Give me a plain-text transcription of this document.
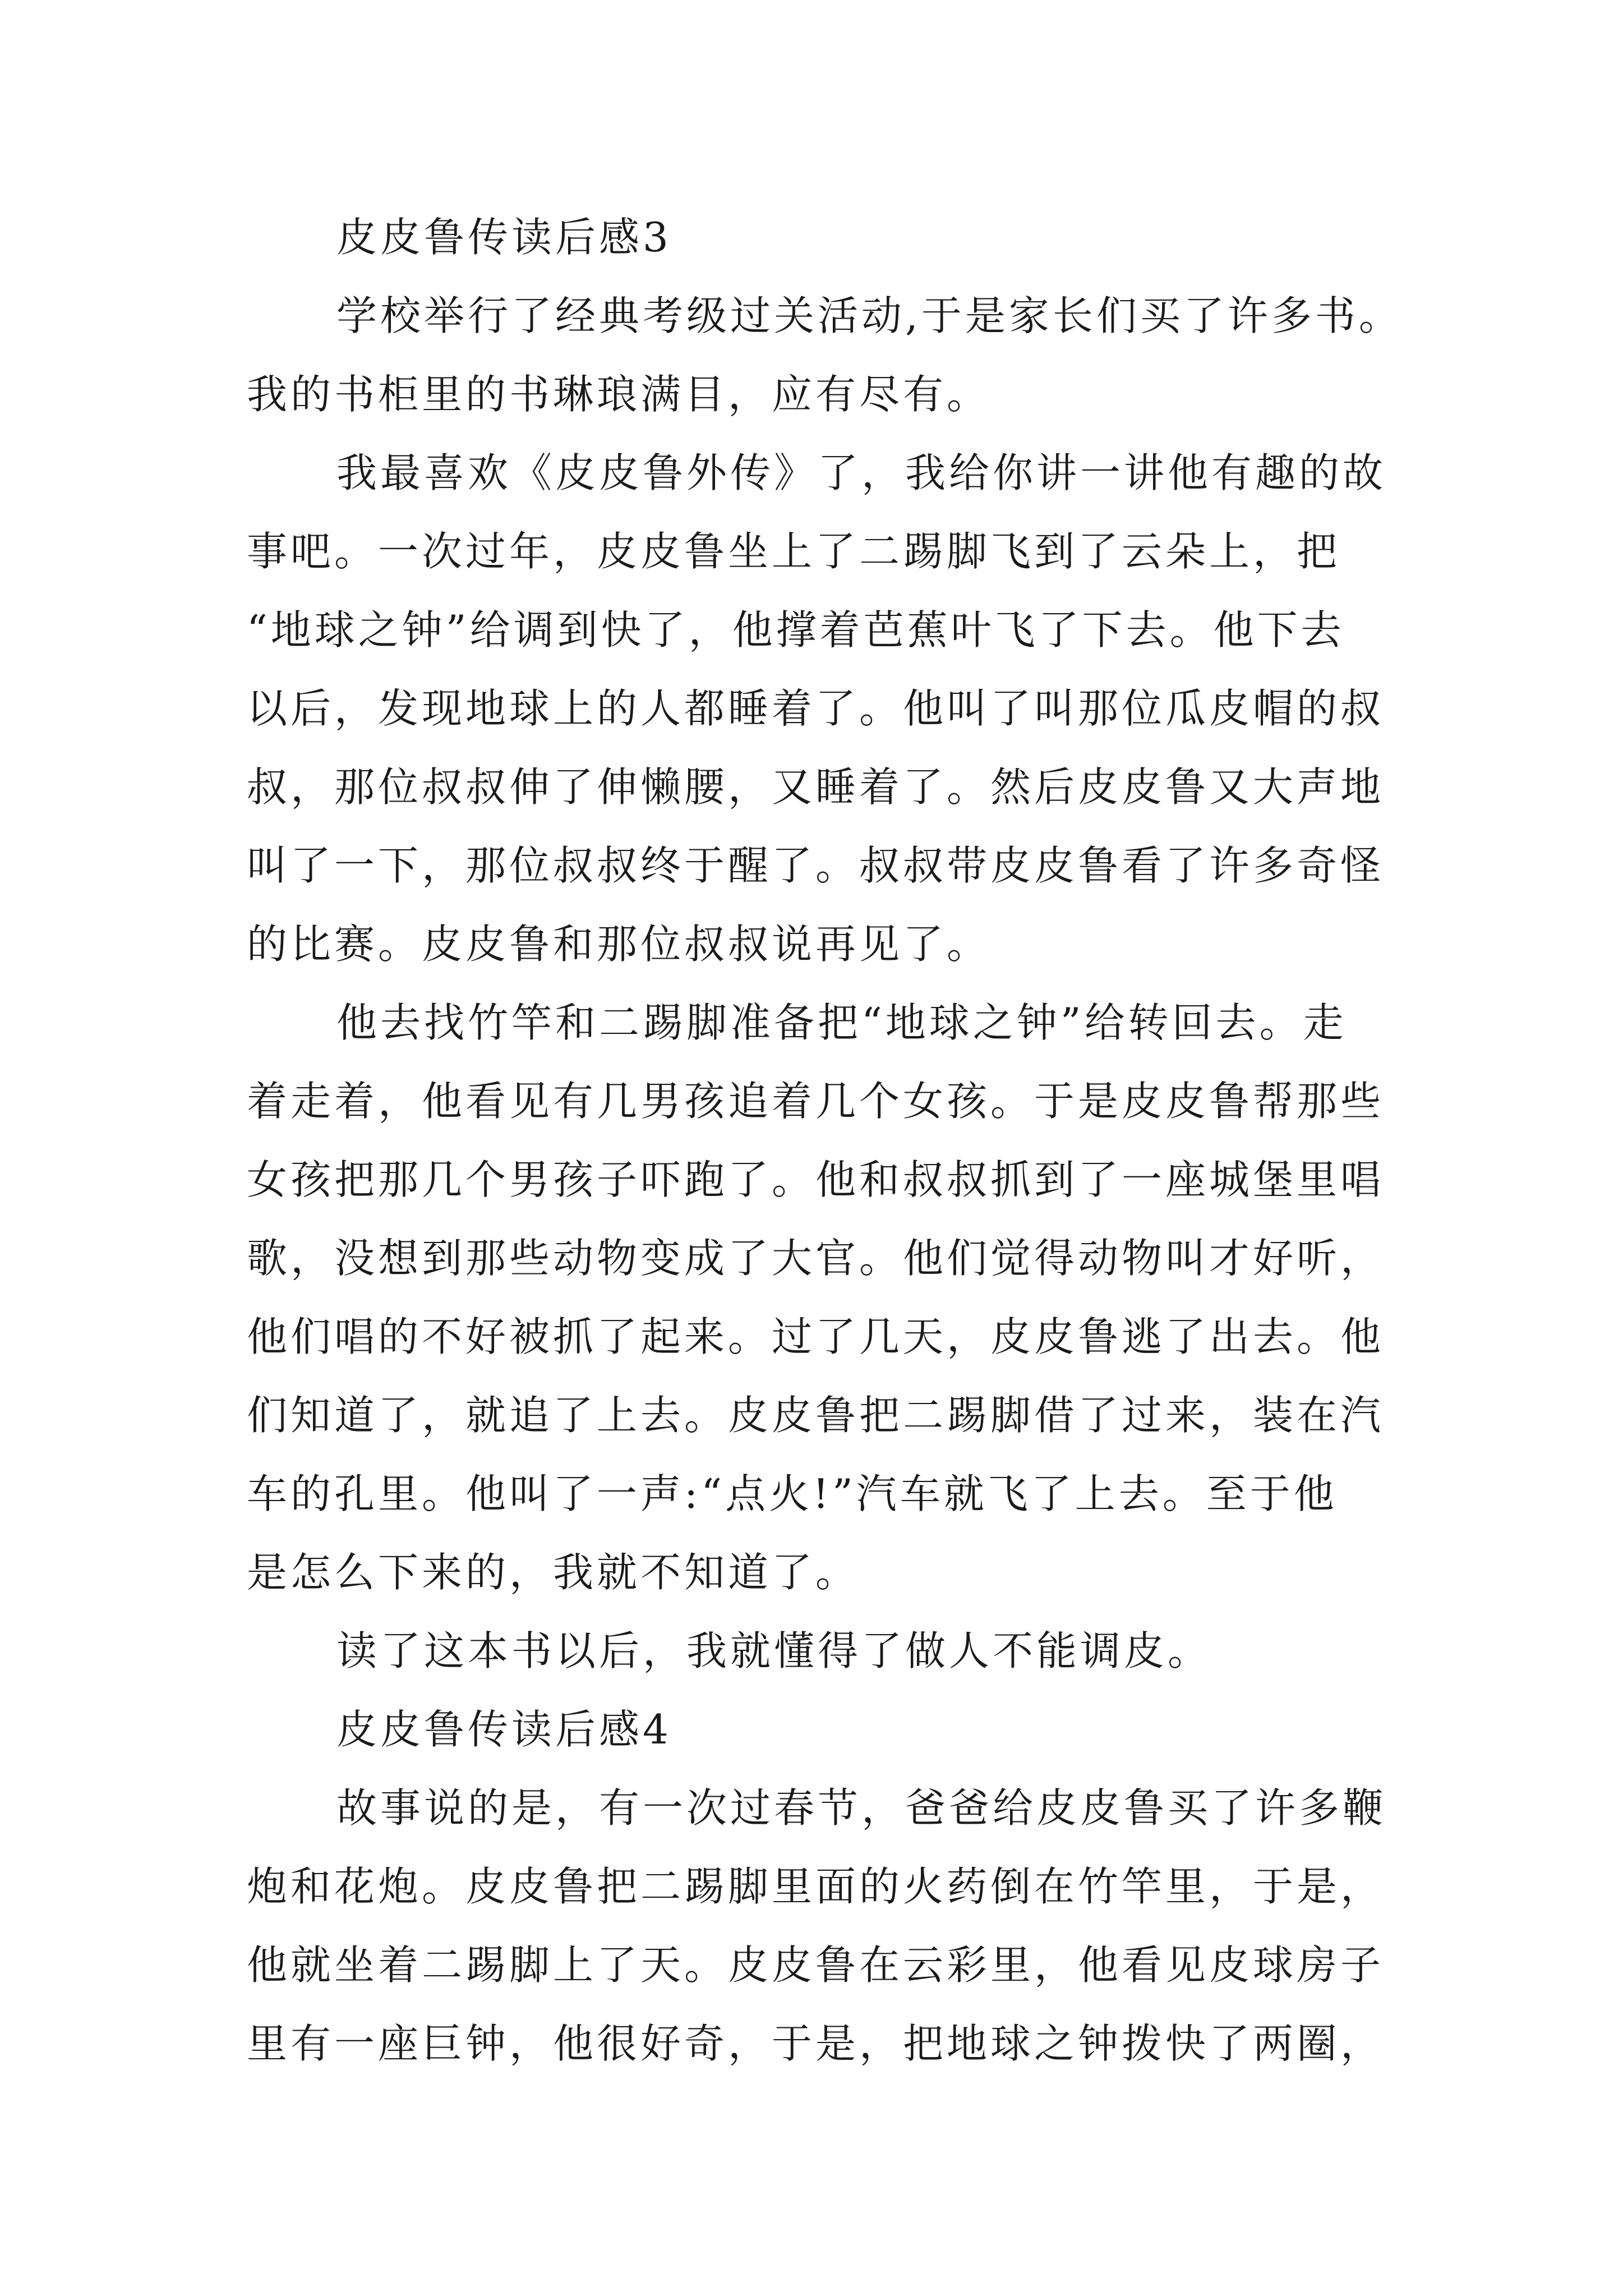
皮皮鲁传读后感3
学校举行了经典考级过关活动,于是家长们买了许多书。
我的书柜里的书琳琅满目，应有尽有。
我最喜欢《皮皮鲁外传》了，我给你讲一讲他有趣的故
事吧。一次过年，皮皮鲁坐上了二踢脚飞到了云朵上，把
“地球之钟”给调到快了，他撑着芭蕉叶飞了下去。他下去
以后，发现地球上的人都睡着了。他叫了叫那位瓜皮帽的叔
叔，那位叔叔伸了伸懒腰，又睡着了。然后皮皮鲁又大声地
叫了一下，那位叔叔终于醒了。叔叔带皮皮鲁看了许多奇怪
的比赛。皮皮鲁和那位叔叔说再见了。
他去找竹竿和二踢脚准备把“地球之钟”给转回去。走
着走着，他看见有几男孩追着几个女孩。于是皮皮鲁帮那些
女孩把那几个男孩子吓跑了。他和叔叔抓到了一座城堡里唱
歌，没想到那些动物变成了大官。他们觉得动物叫才好听，
他们唱的不好被抓了起来。过了几天，皮皮鲁逃了出去。他
们知道了，就追了上去。皮皮鲁把二踢脚借了过来，装在汽
车的孔里。他叫了一声:“点火!”汽车就飞了上去。至于他
是怎么下来的，我就不知道了。
读了这本书以后，我就懂得了做人不能调皮。
皮皮鲁传读后感4
故事说的是，有一次过春节，爸爸给皮皮鲁买了许多鞭
炮和花炮。皮皮鲁把二踢脚里面的火药倒在竹竿里，于是，
他就坐着二踢脚上了天。皮皮鲁在云彩里，他看见皮球房子
里有一座巨钟，他很好奇，于是，把地球之钟拨快了两圈，
